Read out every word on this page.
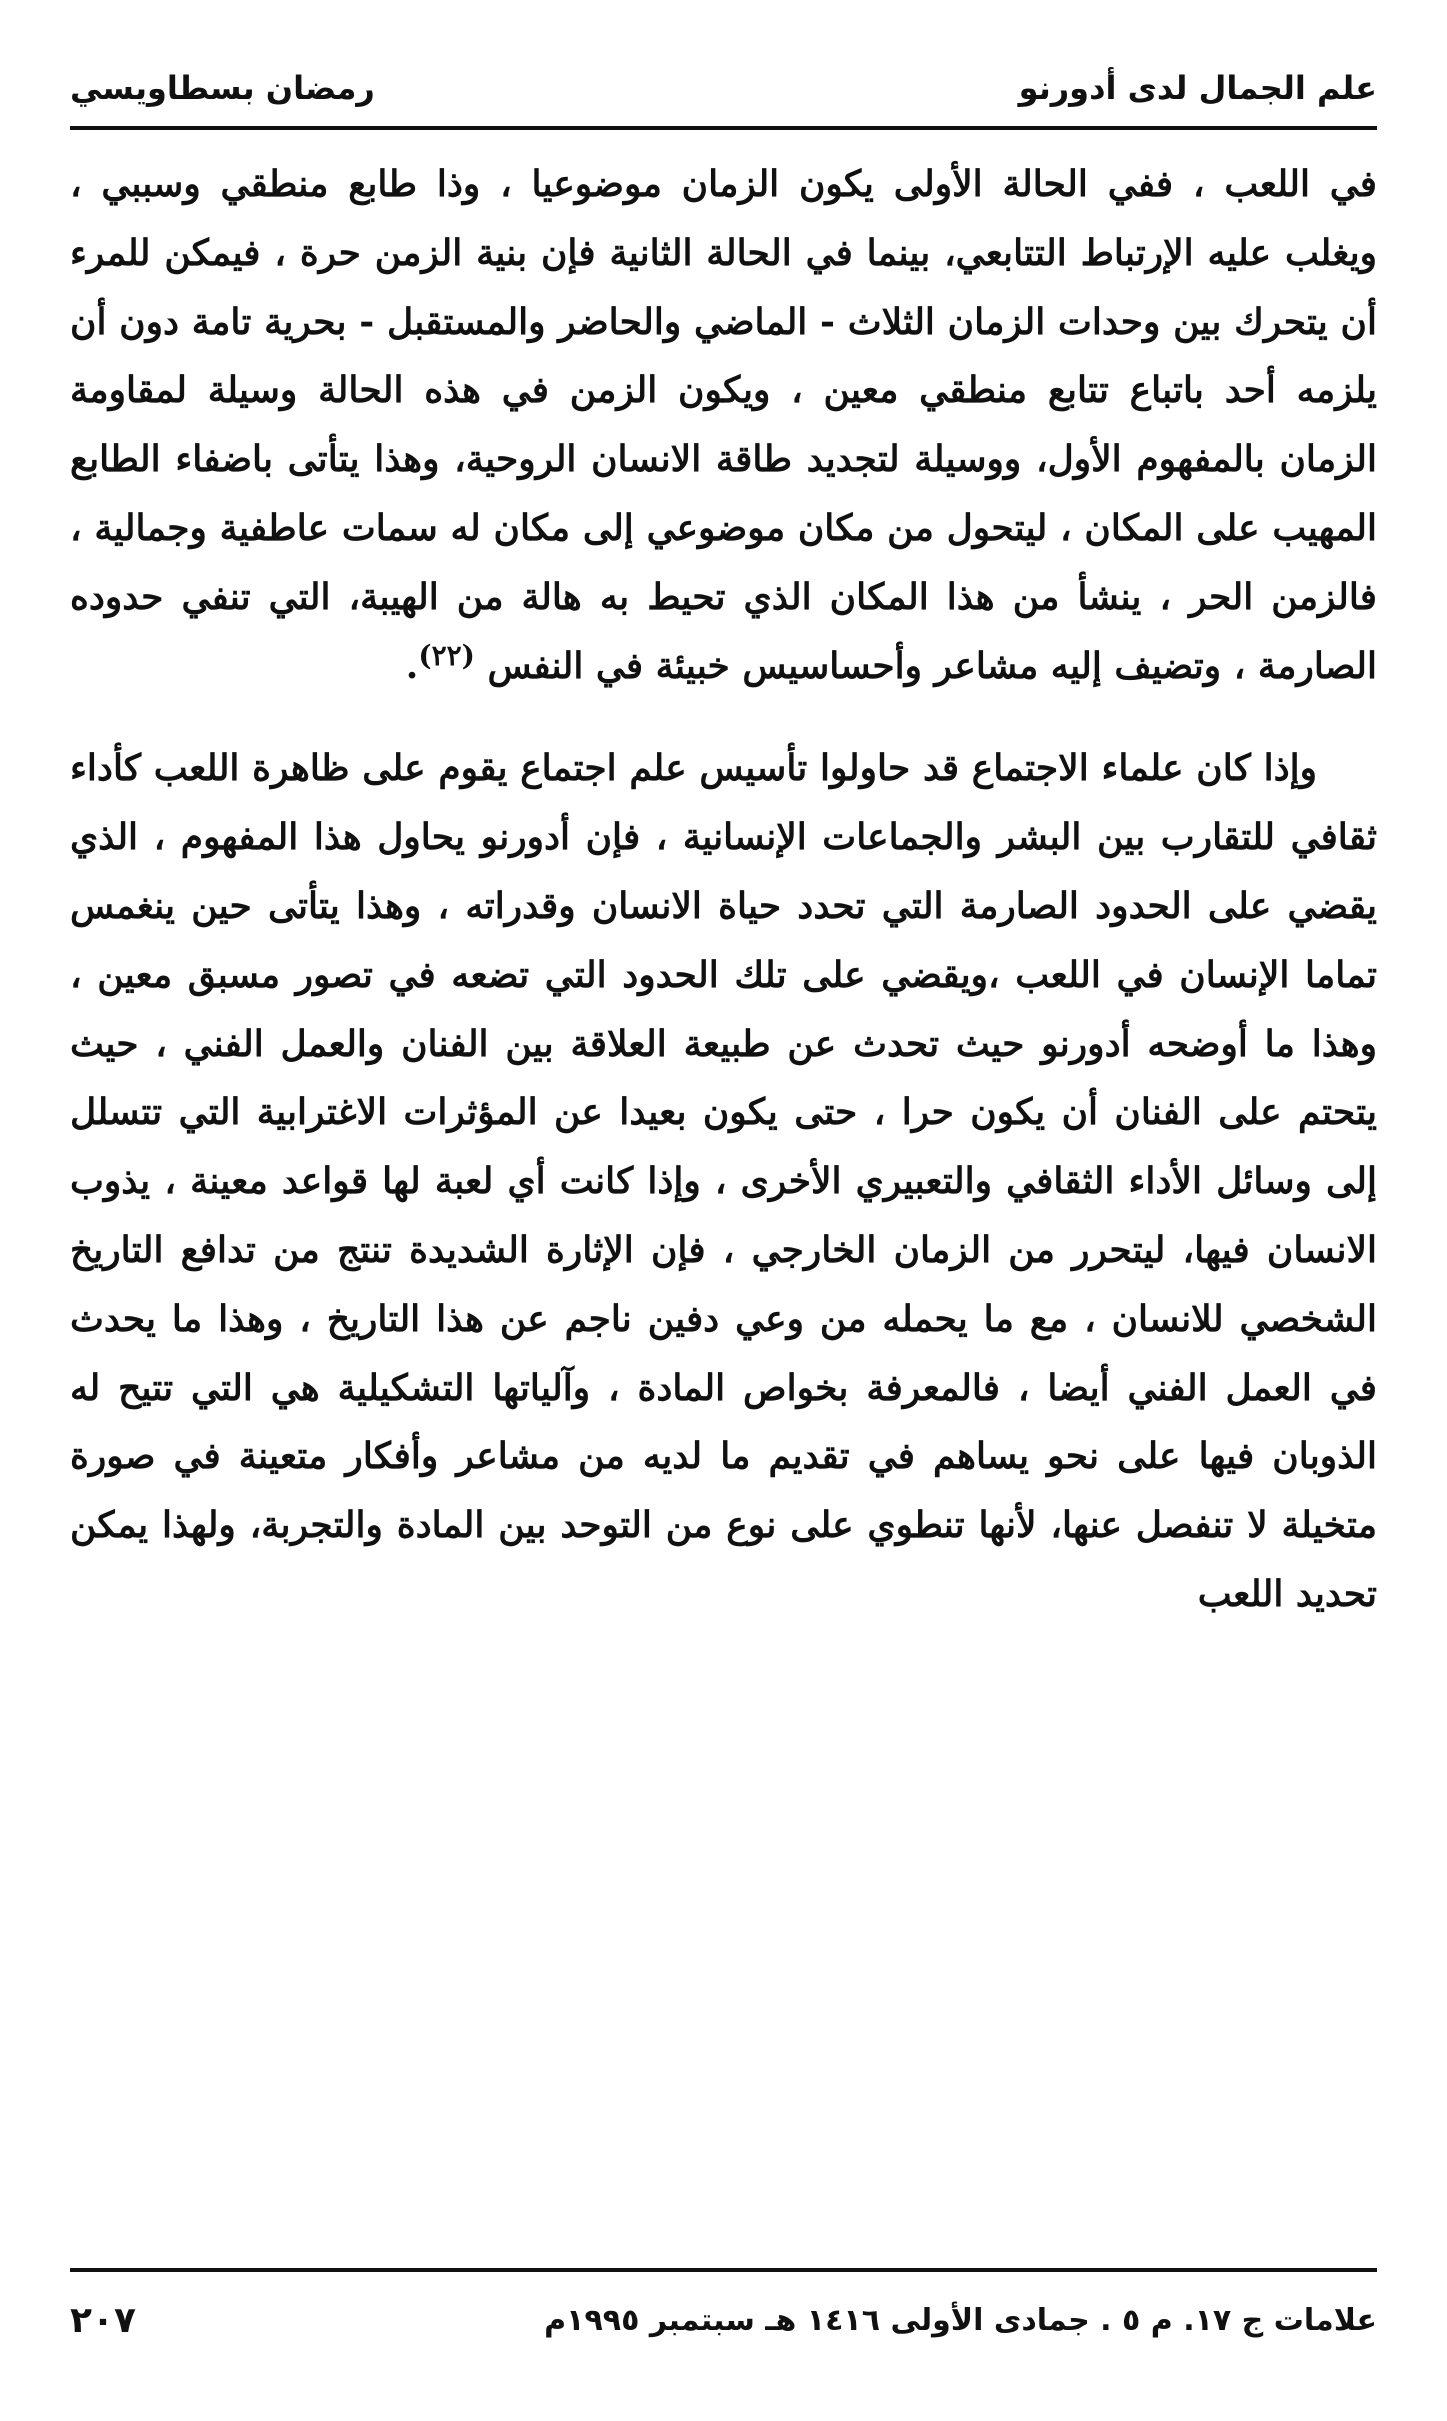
علم الجمال لدى أدورنو
رمضان بسطاويسي

في اللعب ، ففي الحالة الأولى يكون الزمان موضوعيا ، وذا طابع منطقي وسببي ، ويغلب عليه الإرتباط التتابعي، بينما في الحالة الثانية فإن بنية الزمن حرة ، فيمكن للمرء أن يتحرك بين وحدات الزمان الثلاث - الماضي والحاضر والمستقبل - بحرية تامة دون أن يلزمه أحد باتباع تتابع منطقي معين ، ويكون الزمن في هذه الحالة وسيلة لمقاومة الزمان بالمفهوم الأول، ووسيلة لتجديد طاقة الانسان الروحية، وهذا يتأتى باضفاء الطابع المهيب على المكان ، ليتحول من مكان موضوعي إلى مكان له سمات عاطفية وجمالية ، فالزمن الحر ، ينشأ من هذا المكان الذي تحيط به هالة من الهيبة، التي تنفي حدوده الصارمة ، وتضيف إليه مشاعر وأحساسيس خبيئة في النفس $^{(٢٢)}$.

وإذا كان علماء الاجتماع قد حاولوا تأسيس علم اجتماع يقوم على ظاهرة اللعب كأداء ثقافي للتقارب بين البشر والجماعات الإنسانية ، فإن أدورنو يحاول هذا المفهوم ، الذي يقضي على الحدود الصارمة التي تحدد حياة الانسان وقدراته ، وهذا يتأتى حين ينغمس تماما الإنسان في اللعب ،ويقضي على تلك الحدود التي تضعه في تصور مسبق معين ، وهذا ما أوضحه أدورنو حيث تحدث عن طبيعة العلاقة بين الفنان والعمل الفني ، حيث يتحتم على الفنان أن يكون حرا ، حتى يكون بعيدا عن المؤثرات الاغترابية التي تتسلل إلى وسائل الأداء الثقافي والتعبيري الأخرى ، وإذا كانت أي لعبة لها قواعد معينة ، يذوب الانسان فيها، ليتحرر من الزمان الخارجي ، فإن الإثارة الشديدة تنتج من تدافع التاريخ الشخصي للانسان ، مع ما يحمله من وعي دفين ناجم عن هذا التاريخ ، وهذا ما يحدث في العمل الفني أيضا ، فالمعرفة بخواص المادة ، وآلياتها التشكيلية هي التي تتيح له الذوبان فيها على نحو يساهم في تقديم ما لديه من مشاعر وأفكار متعينة في صورة متخيلة لا تنفصل عنها، لأنها تنطوي على نوع من التوحد بين المادة والتجربة، ولهذا يمكن تحديد اللعب

علامات ج ١٧. م ٥ . جمادى الأولى ١٤١٦ هـ سبتمبر ١٩٩٥م
٢٠٧
